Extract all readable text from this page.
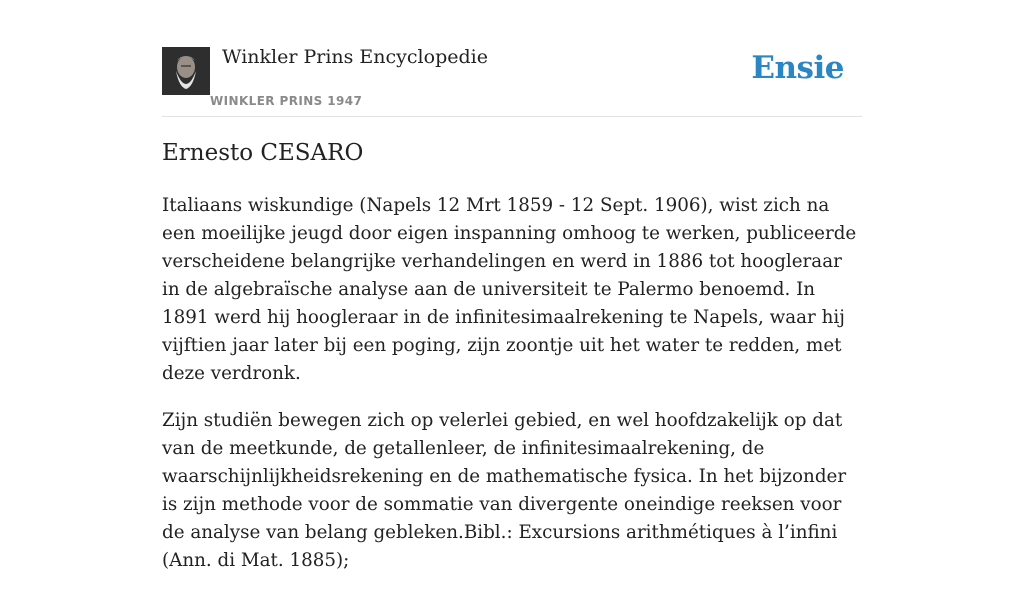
Winkler Prins Encyclopedie
WINKLER PRINS 1947
Ensie
Ernesto CESARO

Italiaans wiskundige (Napels 12 Mrt 1859 - 12 Sept. 1906), wist zich na een moeilijke jeugd door eigen inspanning omhoog te werken, publiceerde verscheidene belangrijke verhandelingen en werd in 1886 tot hoogleraar in de algebraïsche analyse aan de universiteit te Palermo benoemd. In 1891 werd hij hoogleraar in de infinitesimaalrekening te Napels, waar hij vijftien jaar later bij een poging, zijn zoontje uit het water te redden, met deze verdronk.

Zijn studiën bewegen zich op velerlei gebied, en wel hoofdzakelijk op dat van de meetkunde, de getallenleer, de infinitesimaalrekening, de waarschijnlijkheidsrekening en de mathematische fysica. In het bijzonder is zijn methode voor de sommatie van divergente oneindige reeksen voor de analyse van belang gebleken.Bibl.: Excursions arithmétiques à l’infini (Ann. di Mat. 1885);
